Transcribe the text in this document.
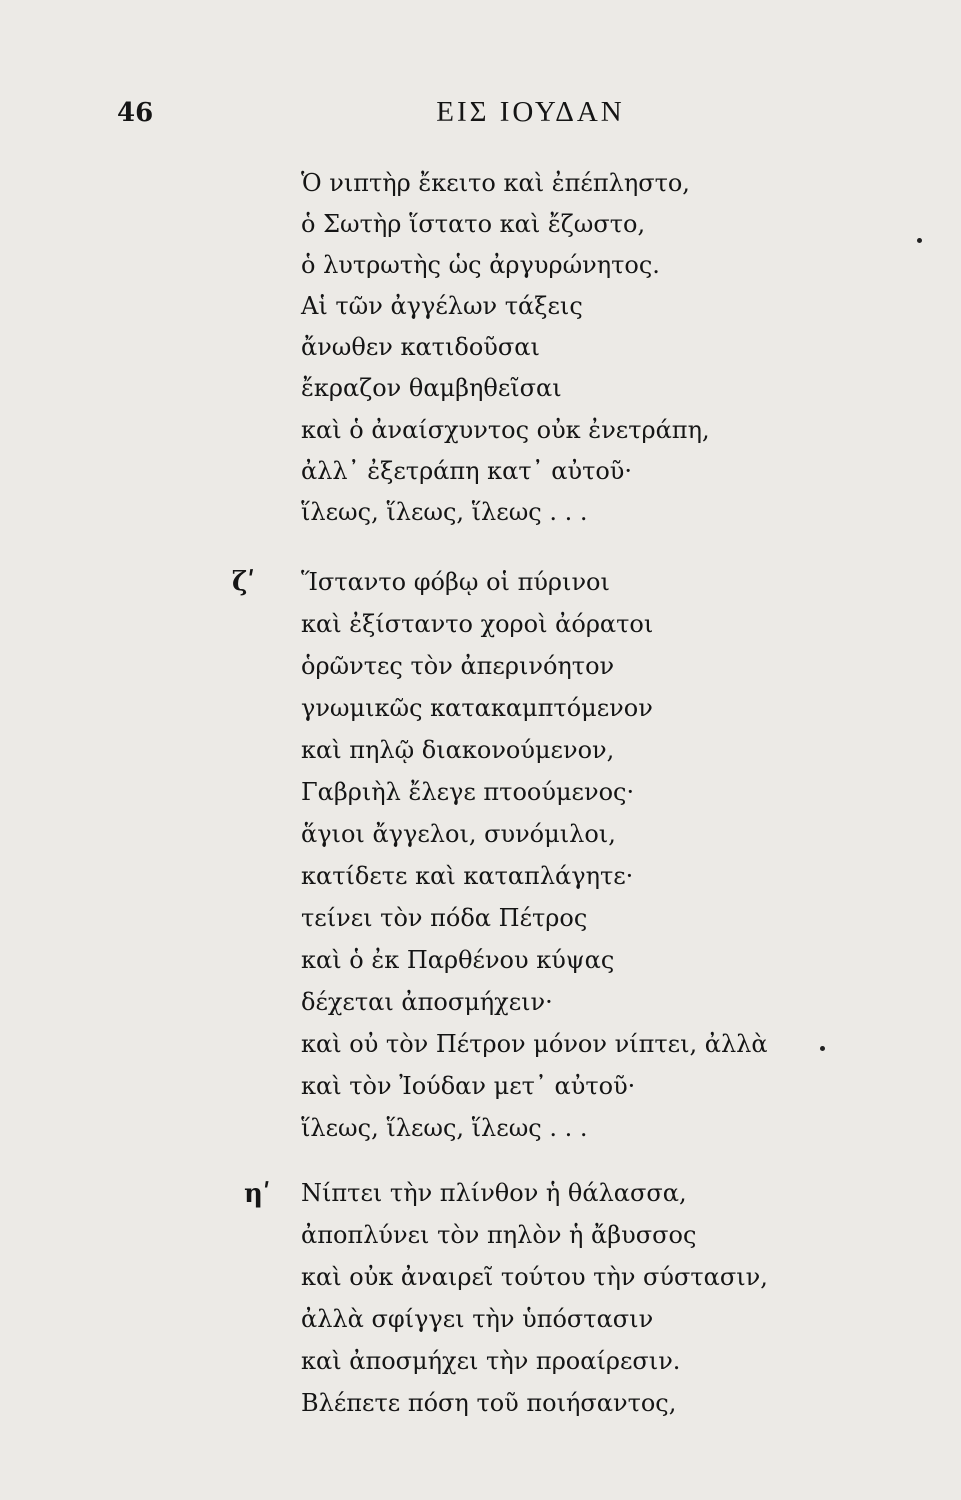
46	ΕΙΣ ΙΟΥΔΑΝ
Ὁ νιπτὴρ ἔκειτο καὶ ἐπέπληστο,
ὁ Σωτὴρ ἵστατο καὶ ἔζωστο,
ὁ λυτρωτὴς ὡς ἀργυρώνητος.
Αἱ τῶν ἀγγέλων τάξεις
ἄνωθεν κατιδοῦσαι
ἔκραζον θαμβηθεῖσαι
καὶ ὁ ἀναίσχυντος οὐκ ἐνετράπη,
ἀλλ᾿ ἐξετράπη κατ᾿ αὐτοῦ·
ἵλεως, ἵλεως, ἵλεως . . .
ζʹ Ἵσταντο φόβῳ οἱ πύρινοι
καὶ ἐξίσταντο χοροὶ ἀόρατοι
ὁρῶντες τὸν ἀπερινόητον
γνωμικῶς κατακαμπτόμενον
καὶ πηλῷ διακονούμενον,
Γαβριὴλ ἔλεγε πτοούμενος·
ἅγιοι ἄγγελοι, συνόμιλοι,
κατίδετε καὶ καταπλάγητε·
τείνει τὸν πόδα Πέτρος
καὶ ὁ ἐκ Παρθένου κύψας
δέχεται ἀποσμήχειν·
καὶ οὐ τὸν Πέτρον μόνον νίπτει, ἀλλὰ
καὶ τὸν Ἰούδαν μετ᾿ αὐτοῦ·
ἵλεως, ἵλεως, ἵλεως . . .
ηʹ Νίπτει τὴν πλίνθον ἡ θάλασσα,
ἀποπλύνει τὸν πηλὸν ἡ ἄβυσσος
καὶ οὐκ ἀναιρεῖ τούτου τὴν σύστασιν,
ἀλλὰ σφίγγει τὴν ὑπόστασιν
καὶ ἀποσμήχει τὴν προαίρεσιν.
Βλέπετε πόση τοῦ ποιήσαντος,
